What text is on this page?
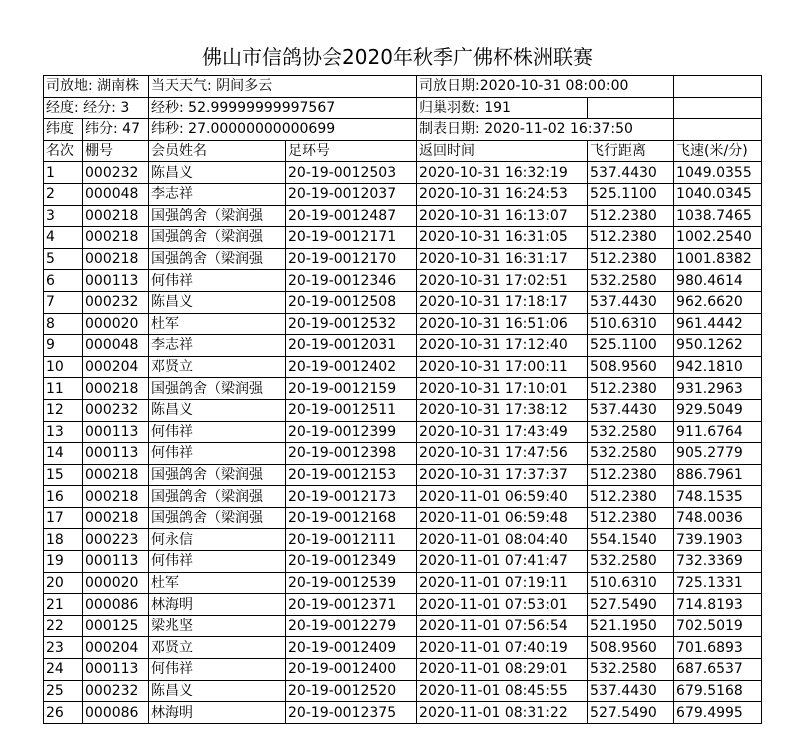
佛山市信鸽协会2020年秋季广佛杯株洲联赛
司放地: 湖南株		当天天气: 阴间多云		司放日期:2020-10-31 08:00:00		
经度: 经分: 3		经秒: 52.99999999997567		归巢羽数: 191		
纬度	纬分: 47	纬秒: 27.00000000000699		制表日期: 2020-11-02 16:37:50		
名次	棚号	会员姓名	足环号	返回时间	飞行距离	飞速(米/分)
1	000232	陈昌义	20-19-0012503	2020-10-31 16:32:19	537.4430	1049.0355
2	000048	李志祥	20-19-0012037	2020-10-31 16:24:53	525.1100	1040.0345
3	000218	国强鸽舍（梁润强	20-19-0012487	2020-10-31 16:13:07	512.2380	1038.7465
4	000218	国强鸽舍（梁润强	20-19-0012171	2020-10-31 16:31:05	512.2380	1002.2540
5	000218	国强鸽舍（梁润强	20-19-0012170	2020-10-31 16:31:17	512.2380	1001.8382
6	000113	何伟祥	20-19-0012346	2020-10-31 17:02:51	532.2580	980.4614
7	000232	陈昌义	20-19-0012508	2020-10-31 17:18:17	537.4430	962.6620
8	000020	杜军	20-19-0012532	2020-10-31 16:51:06	510.6310	961.4442
9	000048	李志祥	20-19-0012031	2020-10-31 17:12:40	525.1100	950.1262
10	000204	邓贤立	20-19-0012402	2020-10-31 17:00:11	508.9560	942.1810
11	000218	国强鸽舍（梁润强	20-19-0012159	2020-10-31 17:10:01	512.2380	931.2963
12	000232	陈昌义	20-19-0012511	2020-10-31 17:38:12	537.4430	929.5049
13	000113	何伟祥	20-19-0012399	2020-10-31 17:43:49	532.2580	911.6764
14	000113	何伟祥	20-19-0012398	2020-10-31 17:47:56	532.2580	905.2779
15	000218	国强鸽舍（梁润强	20-19-0012153	2020-10-31 17:37:37	512.2380	886.7961
16	000218	国强鸽舍（梁润强	20-19-0012173	2020-11-01 06:59:40	512.2380	748.1535
17	000218	国强鸽舍（梁润强	20-19-0012168	2020-11-01 06:59:48	512.2380	748.0036
18	000223	何永信	20-19-0012111	2020-11-01 08:04:40	554.1540	739.1903
19	000113	何伟祥	20-19-0012349	2020-11-01 07:41:47	532.2580	732.3369
20	000020	杜军	20-19-0012539	2020-11-01 07:19:11	510.6310	725.1331
21	000086	林海明	20-19-0012371	2020-11-01 07:53:01	527.5490	714.8193
22	000125	梁兆坚	20-19-0012279	2020-11-01 07:56:54	521.1950	702.5019
23	000204	邓贤立	20-19-0012409	2020-11-01 07:40:19	508.9560	701.6893
24	000113	何伟祥	20-19-0012400	2020-11-01 08:29:01	532.2580	687.6537
25	000232	陈昌义	20-19-0012520	2020-11-01 08:45:55	537.4430	679.5168
26	000086	林海明	20-19-0012375	2020-11-01 08:31:22	527.5490	679.4995
